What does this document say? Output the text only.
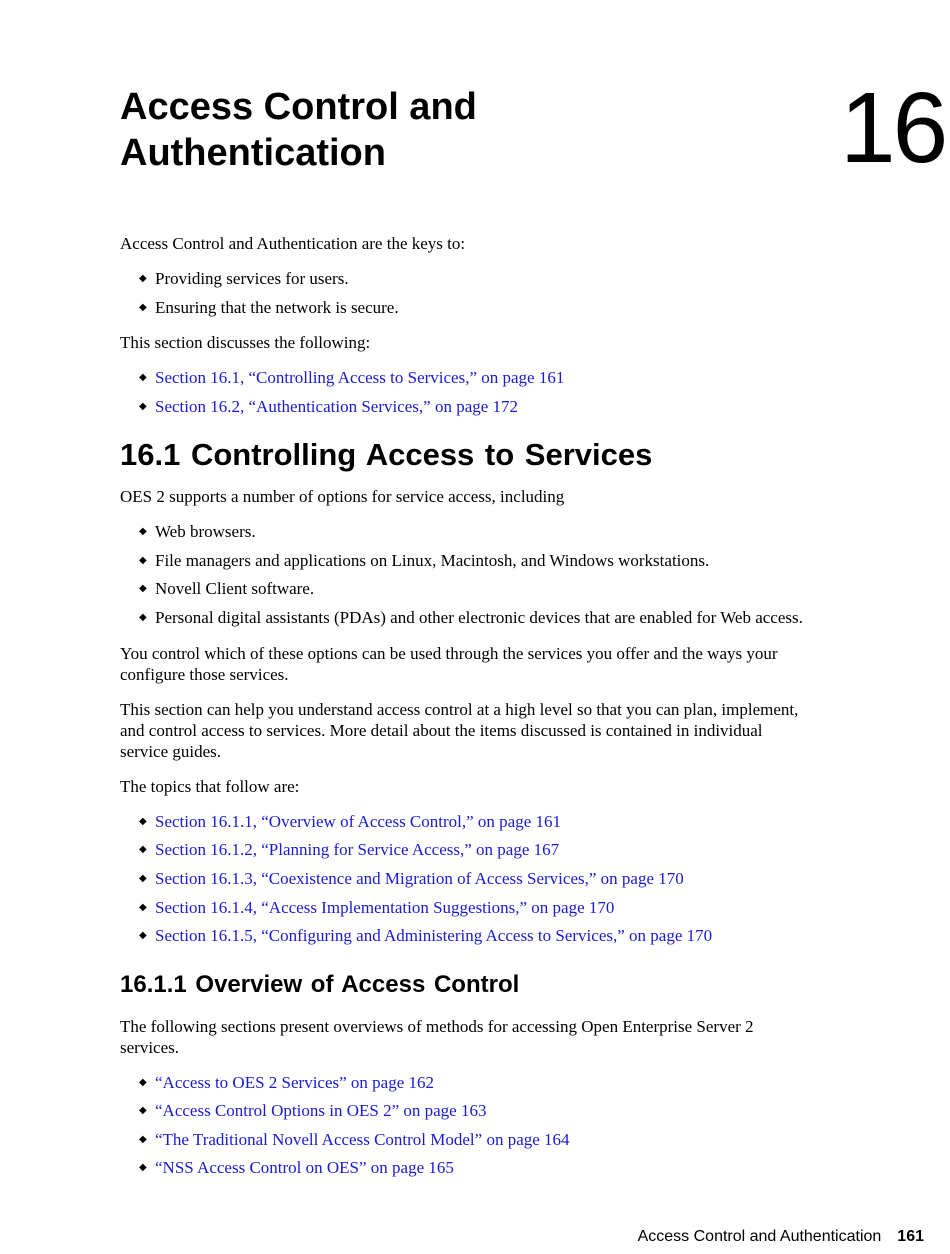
Access Control and
Authentication	16
Access Control and Authentication are the keys to:
◆ Providing services for users.
◆ Ensuring that the network is secure.
This section discusses the following:
◆ Section 16.1, “Controlling Access to Services,” on page 161
◆ Section 16.2, “Authentication Services,” on page 172
16.1 Controlling Access to Services
OES 2 supports a number of options for service access, including
◆ Web browsers.
◆ File managers and applications on Linux, Macintosh, and Windows workstations.
◆ Novell Client software.
◆ Personal digital assistants (PDAs) and other electronic devices that are enabled for Web access.
You control which of these options can be used through the services you offer and the ways your
configure those services.
This section can help you understand access control at a high level so that you can plan, implement,
and control access to services. More detail about the items discussed is contained in individual
service guides.
The topics that follow are:
◆ Section 16.1.1, “Overview of Access Control,” on page 161
◆ Section 16.1.2, “Planning for Service Access,” on page 167
◆ Section 16.1.3, “Coexistence and Migration of Access Services,” on page 170
◆ Section 16.1.4, “Access Implementation Suggestions,” on page 170
◆ Section 16.1.5, “Configuring and Administering Access to Services,” on page 170
16.1.1 Overview of Access Control
The following sections present overviews of methods for accessing Open Enterprise Server 2
services.
◆ “Access to OES 2 Services” on page 162
◆ “Access Control Options in OES 2” on page 163
◆ “The Traditional Novell Access Control Model” on page 164
◆ “NSS Access Control on OES” on page 165
Access Control and Authentication 161
